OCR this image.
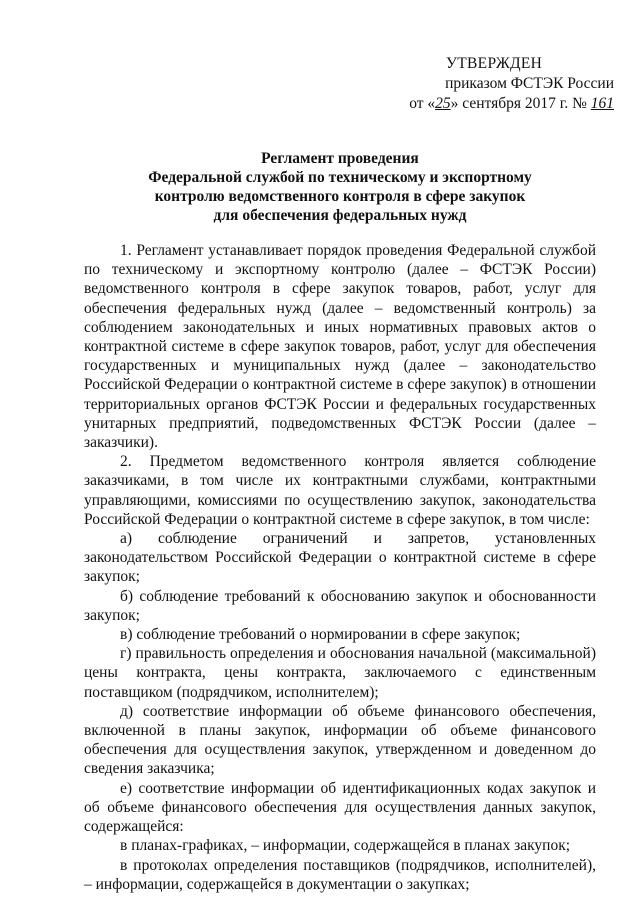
УТВЕРЖДЕН
приказом ФСТЭК России
от «25» сентября 2017 г. № 161
Регламент проведения
Федеральной службой по техническому и экспортному
контролю ведомственного контроля в сфере закупок
для обеспечения федеральных нужд

1. Регламент устанавливает порядок проведения Федеральной службой по техническому и экспортному контролю (далее – ФСТЭК России) ведомственного контроля в сфере закупок товаров, работ, услуг для обеспечения федеральных нужд (далее – ведомственный контроль) за соблюдением законодательных и иных нормативных правовых актов о контрактной системе в сфере закупок товаров, работ, услуг для обеспечения государственных и муниципальных нужд (далее – законодательство Российской Федерации о контрактной системе в сфере закупок) в отношении территориальных органов ФСТЭК России и федеральных государственных унитарных предприятий, подведомственных ФСТЭК России (далее – заказчики).

2. Предметом ведомственного контроля является соблюдение заказчиками, в том числе их контрактными службами, контрактными управляющими, комиссиями по осуществлению закупок, законодательства Российской Федерации о контрактной системе в сфере закупок, в том числе:

а) соблюдение ограничений и запретов, установленных законодательством Российской Федерации о контрактной системе в сфере закупок;

б) соблюдение требований к обоснованию закупок и обоснованности закупок;

в) соблюдение требований о нормировании в сфере закупок;

г) правильность определения и обоснования начальной (максимальной) цены контракта, цены контракта, заключаемого с единственным поставщиком (подрядчиком, исполнителем);

д) соответствие информации об объеме финансового обеспечения, включенной в планы закупок, информации об объеме финансового обеспечения для осуществления закупок, утвержденном и доведенном до сведения заказчика;

е) соответствие информации об идентификационных кодах закупок и об объеме финансового обеспечения для осуществления данных закупок, содержащейся:

в планах-графиках, – информации, содержащейся в планах закупок;

в протоколах определения поставщиков (подрядчиков, исполнителей), – информации, содержащейся в документации о закупках;
